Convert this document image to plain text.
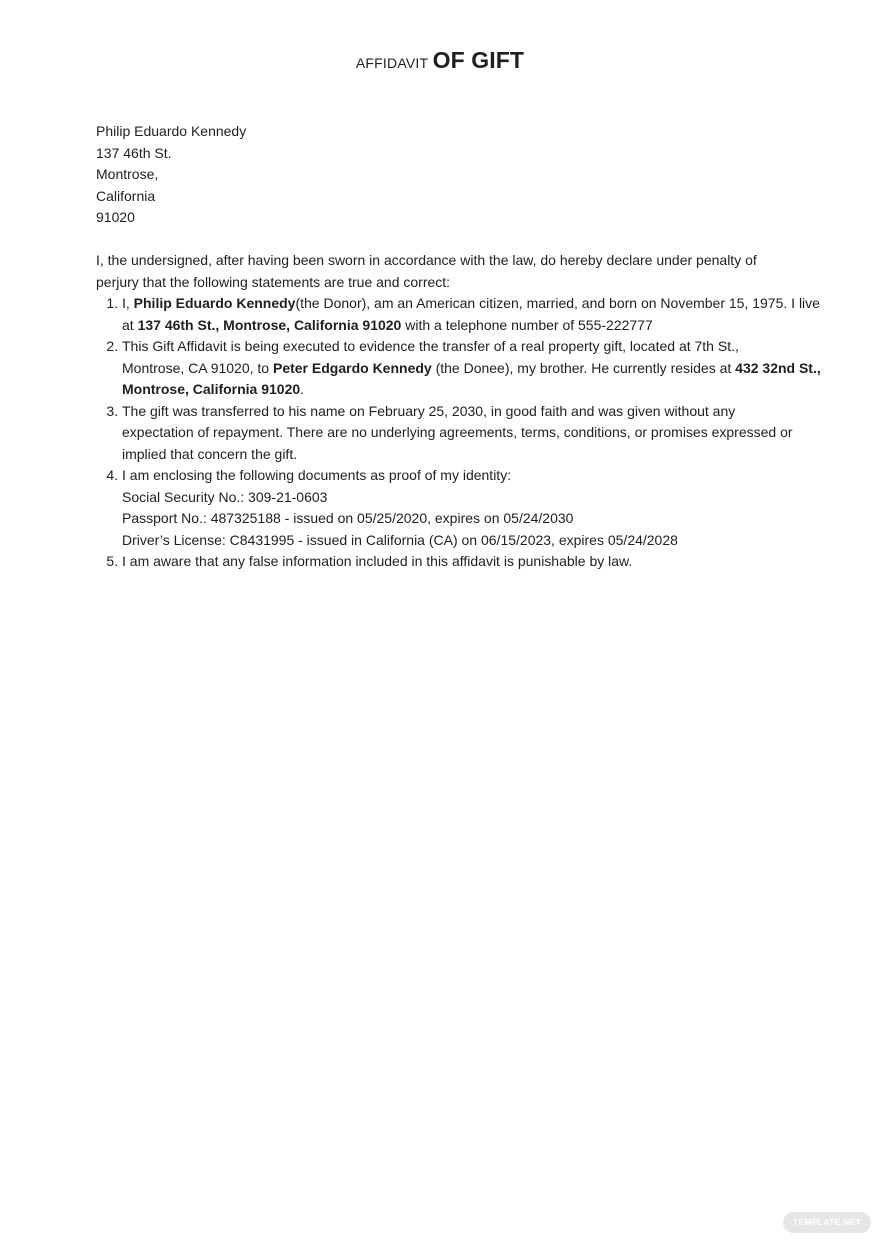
AFFIDAVIT OF GIFT
Philip Eduardo Kennedy
137 46th St.
Montrose,
California
91020
I, the undersigned, after having been sworn in accordance with the law, do hereby declare under penalty of perjury that the following statements are true and correct:
1. I, Philip Eduardo Kennedy(the Donor), am an American citizen, married, and born on November 15, 1975. I live
at 137 46th St., Montrose, California 91020 with a telephone number of 555-222777
2. This Gift Affidavit is being executed to evidence the transfer of a real property gift, located at 7th St.,
Montrose, CA 91020, to Peter Edgardo Kennedy (the Donee), my brother. He currently resides at 432 32nd St.,
Montrose, California 91020.
3. The gift was transferred to his name on February 25, 2030, in good faith and was given without any
expectation of repayment. There are no underlying agreements, terms, conditions, or promises expressed or
implied that concern the gift.
4. I am enclosing the following documents as proof of my identity:
Social Security No.: 309-21-0603
Passport No.: 487325188 - issued on 05/25/2020, expires on 05/24/2030
Driver’s License: C8431995 - issued in California (CA) on 06/15/2023, expires 05/24/2028
5. I am aware that any false information included in this affidavit is punishable by law.
TEMPLATE.NET
